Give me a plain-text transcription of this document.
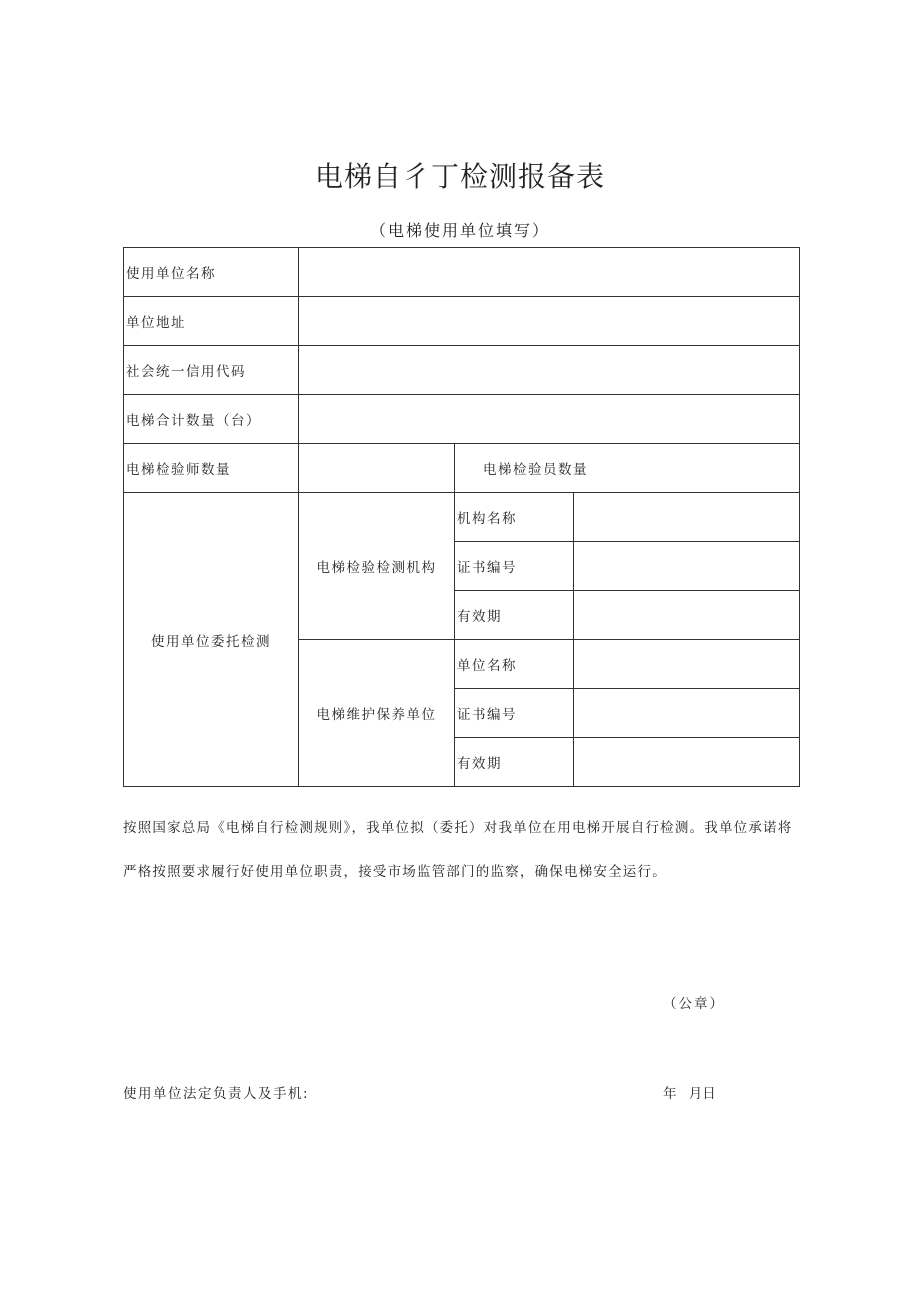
电梯自彳丁检测报备表
（电梯使用单位填写）
使用单位名称			
单位地址			
社会统一信用代码			
电梯合计数量（台）			
电梯检验师数量		电梯检验员数量	
使用单位委托检测	电梯检验检测机构	机构名称	
		证书编号	
		有效期	
	电梯维护保养单位	单位名称	
		证书编号	
		有效期	
按照国家总局《电梯自行检测规则》，我单位拟（委托）对我单位在用电梯开展自行检测。我单位承诺将
严格按照要求履行好使用单位职责，接受市场监管部门的监察，确保电梯安全运行。
（公章）
使用单位法定负责人及手机:	年 月日
